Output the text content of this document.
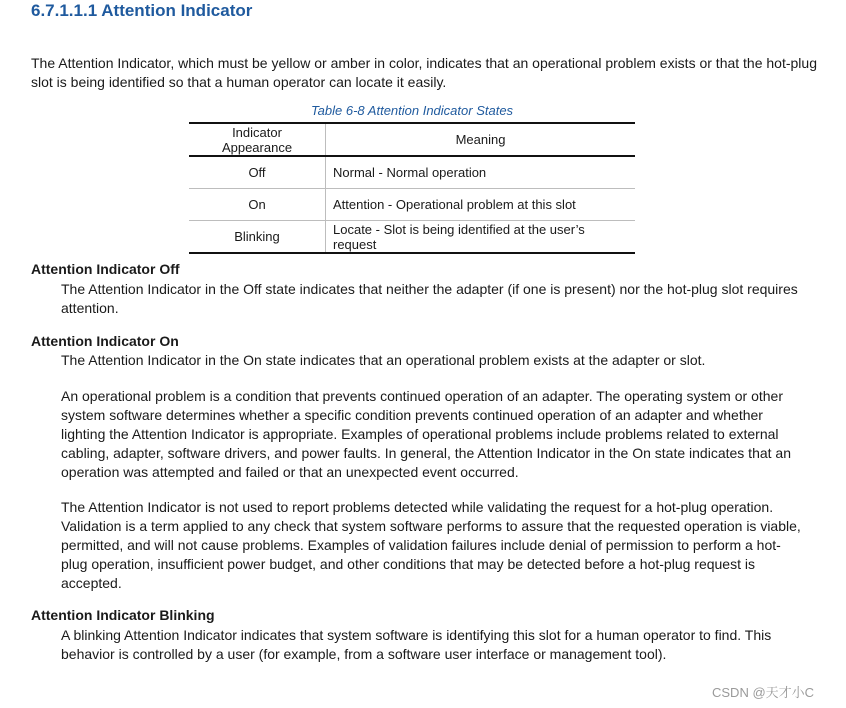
6.7.1.1.1 Attention Indicator

The Attention Indicator, which must be yellow or amber in color, indicates that an operational problem exists or that the hot-plug slot is being identified so that a human operator can locate it easily.

Table 6-8 Attention Indicator States
Indicator Appearance	Meaning
Off	Normal - Normal operation
On	Attention - Operational problem at this slot
Blinking	Locate - Slot is being identified at the user’s request
Attention Indicator Off

The Attention Indicator in the Off state indicates that neither the adapter (if one is present) nor the hot-plug slot requires attention.

Attention Indicator On

The Attention Indicator in the On state indicates that an operational problem exists at the adapter or slot.

An operational problem is a condition that prevents continued operation of an adapter. The operating system or other system software determines whether a specific condition prevents continued operation of an adapter and whether lighting the Attention Indicator is appropriate. Examples of operational problems include problems related to external cabling, adapter, software drivers, and power faults. In general, the Attention Indicator in the On state indicates that an operation was attempted and failed or that an unexpected event occurred.

The Attention Indicator is not used to report problems detected while validating the request for a hot-plug operation. Validation is a term applied to any check that system software performs to assure that the requested operation is viable, permitted, and will not cause problems. Examples of validation failures include denial of permission to perform a hot-plug operation, insufficient power budget, and other conditions that may be detected before a hot-plug request is accepted.

Attention Indicator Blinking

A blinking Attention Indicator indicates that system software is identifying this slot for a human operator to find. This behavior is controlled by a user (for example, from a software user interface or management tool).

CSDN @天才小C
